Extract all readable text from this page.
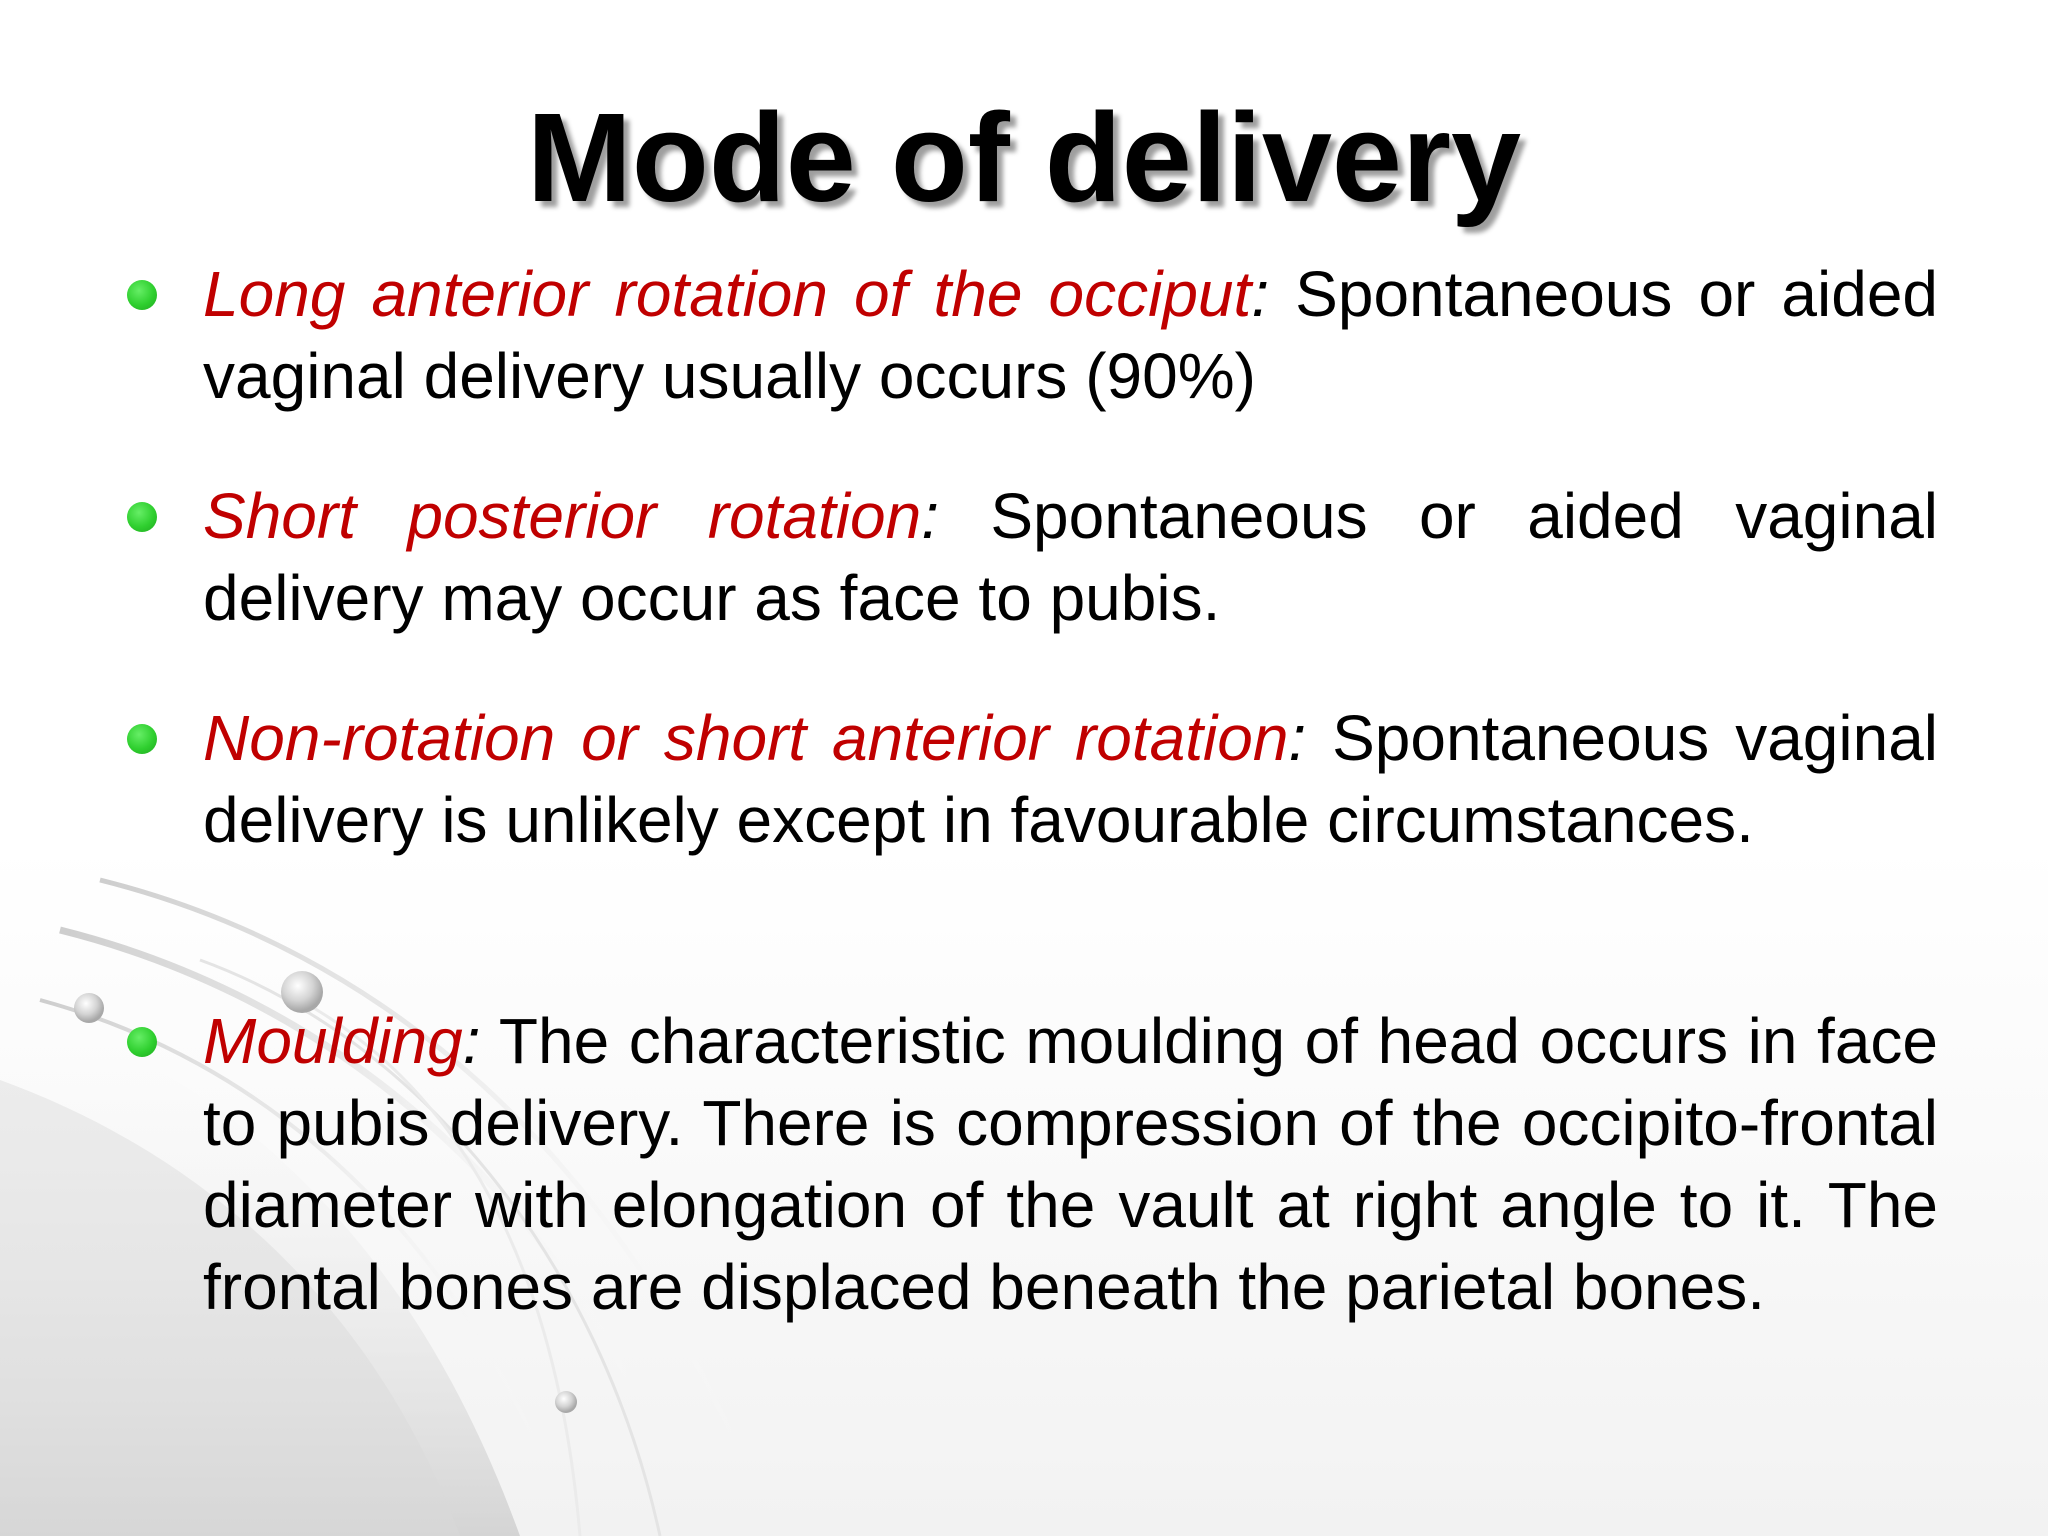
Mode of delivery
Long anterior rotation of the occiput: Spontaneous or aided vaginal delivery usually occurs (90%)
Short posterior rotation: Spontaneous or aided vaginal delivery may occur as face to pubis.
Non-rotation or short anterior rotation: Spontaneous vaginal delivery is unlikely except in favourable circumstances.
Moulding: The characteristic moulding of head occurs in face to pubis delivery. There is compression of the occipito-frontal diameter with elongation of the vault at right angle to it. The frontal bones are displaced beneath the parietal bones.
